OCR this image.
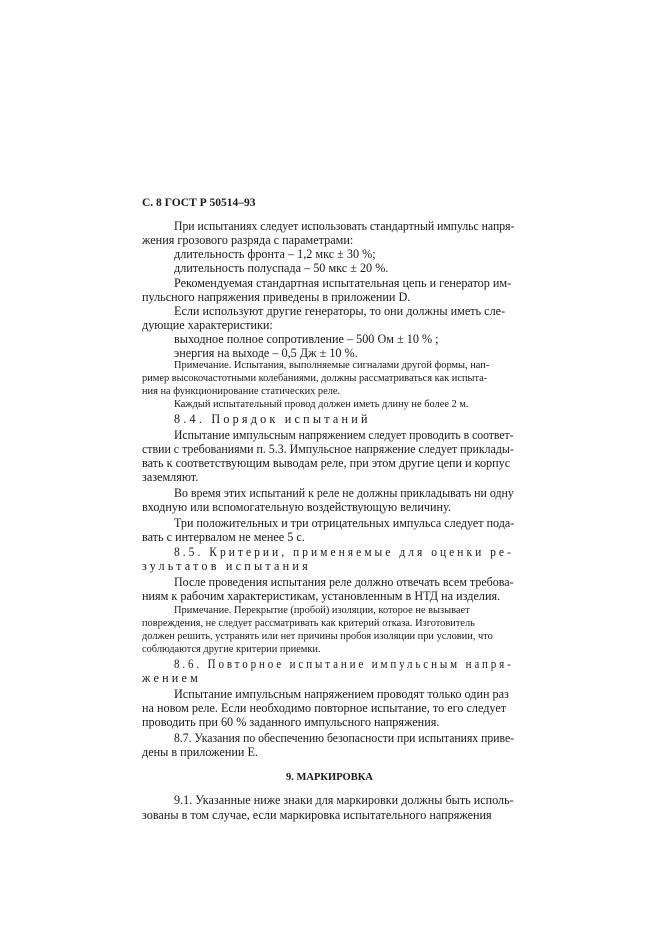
С. 8 ГОСТ Р 50514–93
При испытаниях следует использовать стандартный импульс напря-
жения грозового разряда с параметрами:
длительность фронта – 1,2 мкс ± 30 %;
длительность полуспада – 50 мкс ± 20 %.
Рекомендуемая стандартная испытательная цепь и генератор им-
пульсного напряжения приведены в приложении D.
Если используют другие генераторы, то они должны иметь сле-
дующие характеристики:
выходное полное сопротивление – 500 Ом ± 10 % ;
энергия на выходе – 0,5 Дж ± 10 %.
Примечание. Испытания, выполняемые сигналами другой формы, нап-
ример высокочастотными колебаниями, должны рассматриваться как испыта-
ния на функционирование статических реле.
Каждый испытательный провод должен иметь длину не более 2 м.
8.4. Порядок испытаний
Испытание импульсным напряжением следует проводить в соответ-
ствии с требованиями п. 5.3. Импульсное напряжение следует приклады-
вать к соответствующим выводам реле, при этом другие цепи и корпус
заземляют.
Во время этих испытаний к реле не должны прикладывать ни одну
входную или вспомогательную воздействующую величину.
Три положительных и три отрицательных импульса следует пода-
вать с интервалом не менее 5 с.
8.5. Критерии, применяемые для оценки ре-
зультатов испытания
После проведения испытания реле должно отвечать всем требова-
ниям к рабочим характеристикам, установленным в НТД на изделия.
Примечание. Перекрытие (пробой) изоляции, которое не вызывает
повреждения, не следует рассматривать как критерий отказа. Изготовитель
должен решить, устранять или нет причины пробоя изоляции при условии, что
соблюдаются другие критерии приемки.
8.6. Повторное испытание импульсным напря-
жением
Испытание импульсным напряжением проводят только один раз
на новом реле. Если необходимо повторное испытание, то его следует
проводить при 60 % заданного импульсного напряжения.
8.7. Указания по обеспечению безопасности при испытаниях приве-
дены в приложении Е.
9. МАРКИРОВКА
9.1. Указанные ниже знаки для маркировки должны быть исполь-
зованы в том случае, если маркировка испытательного напряжения
